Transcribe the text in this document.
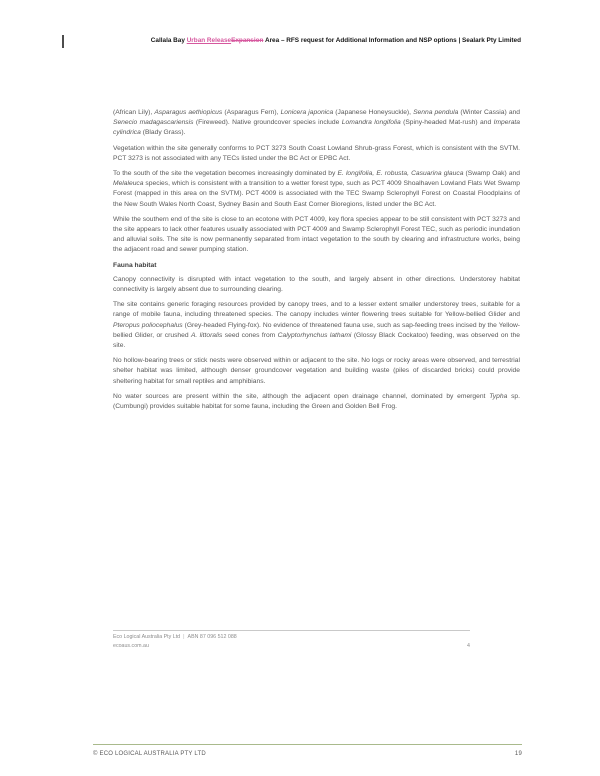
Callala Bay Urban ReleaseExpansion Area – RFS request for Additional Information and NSP options | Sealark Pty Limited

(African Lily), Asparagus aethiopicus (Asparagus Fern), Lonicera japonica (Japanese Honeysuckle), Senna pendula (Winter Cassia) and Senecio madagascariensis (Fireweed). Native groundcover species include Lomandra longifolia (Spiny-headed Mat-rush) and Imperata cylindrica (Blady Grass).

Vegetation within the site generally conforms to PCT 3273 South Coast Lowland Shrub-grass Forest, which is consistent with the SVTM. PCT 3273 is not associated with any TECs listed under the BC Act or EPBC Act.

To the south of the site the vegetation becomes increasingly dominated by E. longifolia, E. robusta, Casuarina glauca (Swamp Oak) and Melaleuca species, which is consistent with a transition to a wetter forest type, such as PCT 4009 Shoalhaven Lowland Flats Wet Swamp Forest (mapped in this area on the SVTM). PCT 4009 is associated with the TEC Swamp Sclerophyll Forest on Coastal Floodplains of the New South Wales North Coast, Sydney Basin and South East Corner Bioregions, listed under the BC Act.

While the southern end of the site is close to an ecotone with PCT 4009, key flora species appear to be still consistent with PCT 3273 and the site appears to lack other features usually associated with PCT 4009 and Swamp Sclerophyll Forest TEC, such as periodic inundation and alluvial soils. The site is now permanently separated from intact vegetation to the south by clearing and infrastructure works, being the adjacent road and sewer pumping station.

Fauna habitat

Canopy connectivity is disrupted with intact vegetation to the south, and largely absent in other directions. Understorey habitat connectivity is largely absent due to surrounding clearing.

The site contains generic foraging resources provided by canopy trees, and to a lesser extent smaller understorey trees, suitable for a range of mobile fauna, including threatened species. The canopy includes winter flowering trees suitable for Yellow-bellied Glider and Pteropus poliocephalus (Grey-headed Flying-fox). No evidence of threatened fauna use, such as sap-feeding trees incised by the Yellow-bellied Glider, or crushed A. littoralis seed cones from Calyptorhynchus lathami (Glossy Black Cockatoo) feeding, was observed on the site.

No hollow-bearing trees or stick nests were observed within or adjacent to the site. No logs or rocky areas were observed, and terrestrial shelter habitat was limited, although denser groundcover vegetation and building waste (piles of discarded bricks) could provide sheltering habitat for small reptiles and amphibians.

No water sources are present within the site, although the adjacent open drainage channel, dominated by emergent Typha sp. (Cumbungi) provides suitable habitat for some fauna, including the Green and Golden Bell Frog.

Eco Logical Australia Pty Ltd | ABN 87 096 512 088
ecoaus.com.au	4
© ECO LOGICAL AUSTRALIA PTY LTD	19
